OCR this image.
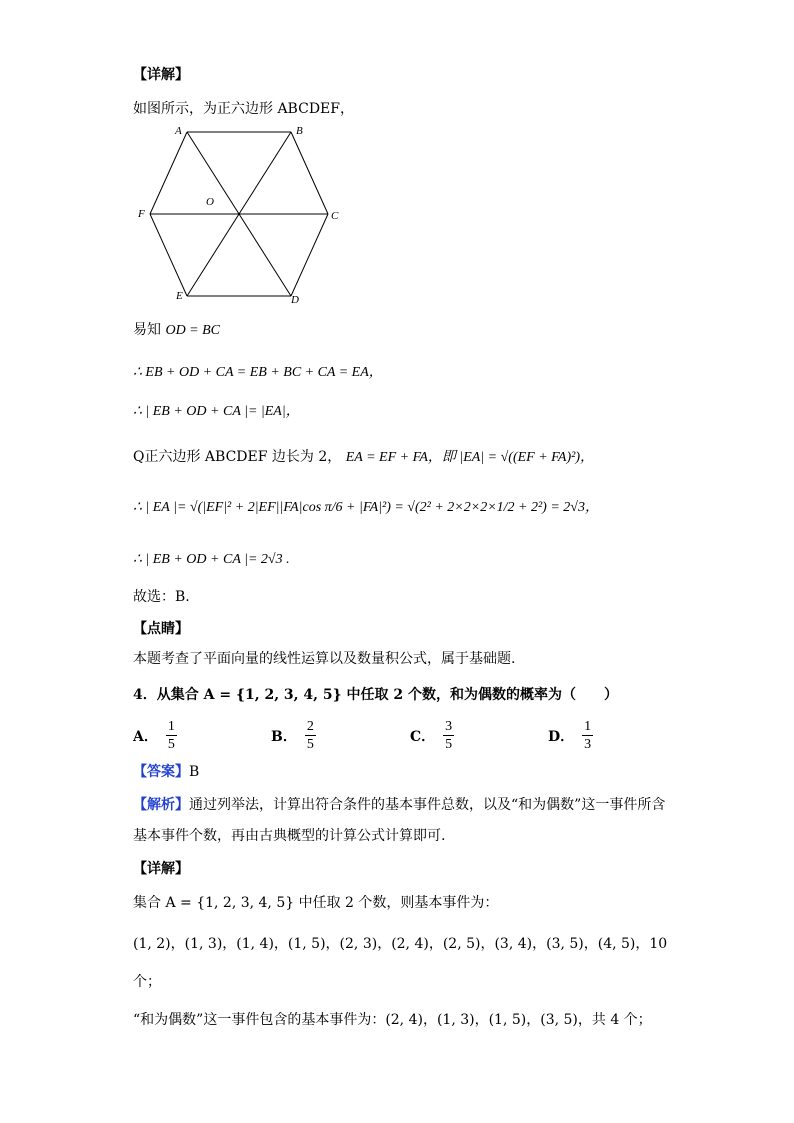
【详解】
如图所示，为正六边形 ABCDEF，
A	B
C
D
E
F
O
易知 OD = BC
∴ EB + OD + CA = EB + BC + CA = EA，
∴ | EB + OD + CA |= |EA|，
Q正六边形 ABCDEF 边长为 2， EA = EF + FA，即 |EA| = √((EF + FA)²)，
∴ | EA |= √(|EF|² + 2|EF||FA|cos π/6 + |FA|²) = √(2² + 2×2×2×1/2 + 2²) = 2√3，
∴ | EB + OD + CA |= 2√3 .
故选：B.
【点睛】
本题考查了平面向量的线性运算以及数量积公式，属于基础题.
4．从集合 A = {1, 2, 3, 4, 5} 中任取 2 个数，和为偶数的概率为（　　）
A． $\frac{1}{5}$	B． $\frac{2}{5}$	C． $\frac{3}{5}$	D． $\frac{1}{3}$
【答案】B
【解析】通过列举法，计算出符合条件的基本事件总数，以及“和为偶数”这一事件所含
基本事件个数，再由古典概型的计算公式计算即可.
【详解】
集合 A = {1, 2, 3, 4, 5} 中任取 2 个数，则基本事件为：
(1, 2)，(1, 3)，(1, 4)，(1, 5)，(2, 3)，(2, 4)，(2, 5)，(3, 4)，(3, 5)，(4, 5)，10
个；
“和为偶数”这一事件包含的基本事件为：(2, 4)，(1, 3)，(1, 5)，(3, 5)，共 4 个；
